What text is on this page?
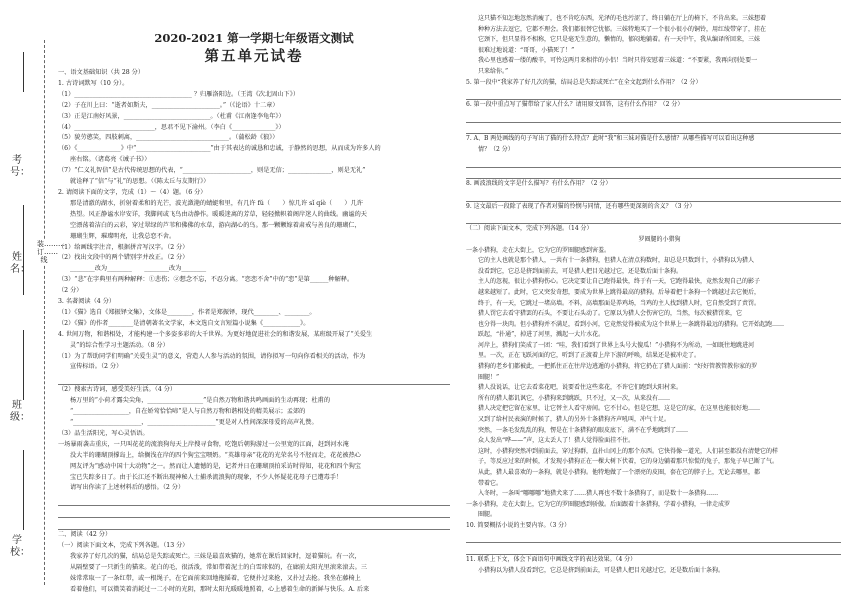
考号：
姓名：
班级：
学校：
装………订……线

2020-2021 第一学期七年级语文测试

第五单元试卷

一、语文基础知识（共 28 分）

1. 古诗词默写（10 分）。

（1）______________________________________ ？归雁洛阳边。（王湾《次北固山下》）

（2）子在川上曰：“逝者如斯夫，______________________。”（《论语》十二章）

（3）正是江南好风景，____________________________。（杜甫《江南逢李龟年》）

（4）__________________________，思君不见下渝州。（李白《______________》）

（5）貌劳憨笑，四肢刺离，______________________________。（蒲松龄《狼》）

（6）《______________》中“________________________”由于其表达的诚恳和忠诚，于静然的思想，从而成为许多人的

座右铭。（诸葛亮《诫子书》）

（7）“仁义礼智信”是古代传统思想的代表，“______________________，则是无信；______________，则是无礼”

就诠释了“信”与“礼”的思想。（《陈太丘与友期行》）

2. 请阅读下面的文字，完成（1）～（4）题。（6 分）

那是清澈的湖水，折射着柔和的光芒，波光潋滟的蜻蜓和里，有几许 fǔ（　　）惊几许 sǐ qíè（　　）几许

热望。风正静谧水岸安详，我脚间或飞鸟由动静作。暖暖迷离的芳草，轻轻掀帜着阁岸迷人的曲线。幽谧的天

空漂荡着洁白的云彩，穿过翠绿的芦苇和佛佛的水草，游向湖心的鸟。那一颗颗嫁着肃戒与善良的珊瑚仁，

珊瑚生辉，璀璨明亮，让我总恋不舍。

（1）给画线字注音，根据拼音写汉字。（2 分）

（2）找出文段中的两个错别字并改正。（2 分）

________改为________　　________改为________

（3）“悲”在字典里有两种解释：①悲伤；②想念不忘，不忍分离。“恋恋不舍”中的“恋”是第______种解释。

（2 分）

3. 名著阅读（4 分）

（1）《猫》选自《郑振铎文集》，文体是________，作者是郑振铎，现代________、________。

（2）《猫》的作者________是清朝著名文学家，本文选自文言短篇小说集《____________》。

4. 世间万物，和谐相处，才能构建一个多姿多彩的大千世界。为更好地促进社会的和谐发展，某班级开展了“关爱生

灵”的综合性学习主题活动。（8 分）

（1）为了帮助同学们明确“关爱生灵”的意义，营造人人参与活动的氛围，请你拟写一句向你看相关的活动，作为

宣传标语。（2 分）

（2）搜索古诗词，感受美好生活。（4 分）

杨万里的“小荷才露尖尖角，__________________”是自然万物和谐共鸣画面的生动再现；杜甫的

“__________________，自在娇莺恰恰啼”是人与自然万物和谐相处的精美展示；孟郊的

“______________________，______________________”更是对人性间深深母爱的高声礼赞。

（3）品生活阳光，写心灵悟语。

一场暴雨袭击重庆，一只叫花花的流浪狗每天上岸搜寻食物，吃饱后朝狗游过一公里宽的江面，赶到河水淹

没大半的珊瑚顶撑岛上，给搁浅在岸的四个狗宝宝喂奶。“英雄母亲”花花的光荣名号不胫而走，花花被热心

网友评为“感动中国十大动物”之一。然而让人遗憾的是，记者并日在珊瑚顶拍采访时得知，花花和四个狗宝

宝已失踪多日了。由于长江还不断出现神秘人士捕杀流浪狗的现象，不少人怀疑花花母子已遭毒手！

请写出你读了上述材料后的感悟。（2 分）

二、阅读（42 分）

（一）阅读下面文本，完成下列各题。（13 分）

我家养了好几次的猫，结局总是失踪或死亡。三妹是最喜欢猫的，她常在课后回家时，逗着猫玩。有一次，

从隔壁要了一只新生的猫来。花白的毛，很活泼，常如带着泥土的白雪球似的，在廊前太阳光里滚来滚去。三

妹常常取一了一条红带，或一根绳子，在它面前来回地拖摇着，它便扑过来抢，又扑过去抢。我坐在藤椅上

看着他们，可以微笑着消耗过一二小时的光阴，那时太阳光暖暖地照着，心上感着生命的新鲜与快乐。A. 后来

这只猫不知怎地忽然消瘦了，也不肯吃东西，光泽的毛也污涩了，终日躺在厅上的椅下，不肯出来。三妹想着

种种方法去逗它，它都不理会。我们都很替它忧郁。三妹特地买了一个很小很小的铜铃，用红绫带穿了，挂在

它颈下，但只显得不相称，它只是毫无生意的，懒惰的，郁闷地躺着。有一天中午，我从编译所回来，三妹

很难过地说道：“哥哥，小猫死了！”

我心里也感着一缕的酸辛，可怜这两月来相伴的小侣！当时只得安慰着三妹道：“不要紧，我再向别处要一

只来给你。”

5. 第一段中“我家养了好几次的猫，结局总是失踪或死亡”在全文起到什么作用？（2 分）

6. 第一段中重点写了猫带给了家人什么？请用原文回答，这有什么作用？（2 分）

7. A、B 两处画线的句子写出了猫的什么特点？此时“我”和三妹对猫是什么感情？从哪些描写可以看出这种感

情？（2 分）

8. 画波浪线的文字是什么描写？有什么作用？（2 分）

9. 这文最后一段除了表现了作者对猫的怜悯与同情，还有哪些更深刻的含义？（3 分）

（二）阅读下面文本，完成下列各题。（14 分）

罗圈腿的小猎狗

一条小猎狗，走在大街上，它为它的罗圈腿感到害羞。

它的主人也就是那个猎人，一共有十一条猎狗，但猎人在清点狗数时，却总是只数到十，小猎狗以为猎人

没看到它，它总是挤到面前去，可是猎人把目光越过它，还是数后面十条狗。

主人的忽视，很让小猎狗伤心。它决定要让自己跑得最快，终于有一天，它跑得最快，竟然发现自己的影子

越来越短了。此时，它又突发奇想，要成为世界上跳得最高的猎狗。后导着把十条狗一个跳越过去它便后，

终于，有一天，它跳过一堵高墙。不料，高墙那面是养鸡场，当鸡的主人找到猎人时，它自然受到了责罚。

猎人罚它去看守猎罢的石头，不要让石头动了。它原以为猎人会伤害它的，当然，每次被猎罚来，它

也分得一块肉。但小猎狗并不满足，看到小河，它竟然觉得被成为这个世界上一条跳得最远的猎狗。它开始起跑……

跃起，“扑通”，掉进了河里，溅起一大片水花。

河岸上，猎狗们笑成了一团：“哇，我们看到了世界上头号大傻瓜！”小猎狗不为所动，一如既往地跳进河

里。一次，正在飞跃河面的它，听到了正渡着上岸下游的呼唤，结果还是被冲走了。

猎狗的老乡们都被此，一把抓住正在往岸边逃遁的小猎狗，将它扔在了猎人面前：“好好管教管教你家的罗

圈腿！”

猎人没说话，让它去看菜花吧，说要看住这些菜花，不许它们跑到大阳村来。

所有的猎人都讥讽它，小猎狗来到跳跃，只不过，又一次，从来没有……

猎人决定把它留在家里，让它替主人看守房间。它不甘心。但是它想，这是它的家，在这里也能很好地……

又到了给村民表演的时候了，猎人的另外十条猎狗齐声吼叫，冲气十足。

突然，一条毛发乱乱的狗，愣是在十条猎狗的眼皮底下，满不在乎地跳到了……

众人发出“哗——”声，这太丢人了！猎人觉得脸面挂不住。

这时，小猎狗突然冲到前面去，穿过狗群，直扑山冈上的那个东西。它快得像一道光，人们甚至都没有清楚它的样

子，等反应过来的时候，才发现小猎狗正在一棵大树下伏着，它的身边躺着那只惊慌的兔子，那兔子早已断了气。

从此，猎人最喜欢的一条狗，就是小猎狗。他特地做了一个漂亮的皮圈，套在它的脖子上，无论去哪里，都

带着它。

入冬时，一条叫“哪哪哪”地猎犬来了……猎人再也不数十条猎狗了，而是数十一条猎狗……

一条小猎狗，走在大街上，它为它的罗圈腿感到骄傲。后面跟着十条猎狗，学着小猎狗，一律走成罗

圈腿。

10. 简要概括小说的主要内容。（3 分）

11. 联系上下文，体会下面语句中画线文字的表达效果。（4 分）

小猎狗以为猎人没看到它，它总是挤到前面去，可是猎人把目光越过它，还是数后面十条狗。
